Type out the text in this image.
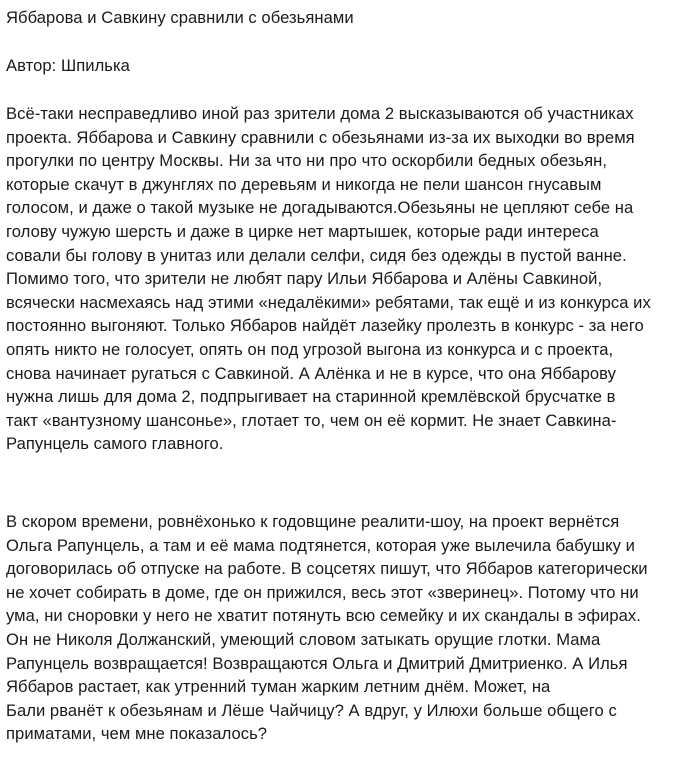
Яббарова и Савкину сравнили с обезьянами

Автор: Шпилька

Всё-таки несправедливо иной раз зрители дома 2 высказываются об участниках
проекта. Яббарова и Савкину сравнили с обезьянами из-за их выходки во время
прогулки по центру Москвы. Ни за что ни про что оскорбили бедных обезьян,
которые скачут в джунглях по деревьям и никогда не пели шансон гнусавым
голосом, и даже о такой музыке не догадываются.Обезьяны не цепляют себе на
голову чужую шерсть и даже в цирке нет мартышек, которые ради интереса
совали бы голову в унитаз или делали селфи, сидя без одежды в пустой ванне.
Помимо того, что зрители не любят пару Ильи Яббарова и Алёны Савкиной,
всячески насмехаясь над этими «недалёкими» ребятами, так ещё и из конкурса их
постоянно выгоняют. Только Яббаров найдёт лазейку пролезть в конкурс - за него
опять никто не голосует, опять он под угрозой выгона из конкурса и с проекта,
снова начинает ругаться с Савкиной. А Алёнка и не в курсе, что она Яббарову
нужна лишь для дома 2, подпрыгивает на старинной кремлёвской брусчатке в
такт «вантузному шансонье», глотает то, чем он её кормит. Не знает Савкина-
Рапунцель самого главного.
В скором времени, ровнёхонько к годовщине реалити-шоу, на проект вернётся
Ольга Рапунцель, а там и её мама подтянется, которая уже вылечила бабушку и
договорилась об отпуске на работе. В соцсетях пишут, что Яббаров категорически
не хочет собирать в доме, где он прижился, весь этот «зверинец». Потому что ни
ума, ни сноровки у него не хватит потянуть всю семейку и их скандалы в эфирах.
Он не Николя Должанский, умеющий словом затыкать орущие глотки. Мама
Рапунцель возвращается! Возвращаются Ольга и Дмитрий Дмитриенко. А Илья
Яббаров растает, как утренний туман жарким летним днём. Может, на
Бали рванёт к обезьянам и Лёше Чайчицу? А вдруг, у Илюхи больше общего с
приматами, чем мне показалось?
